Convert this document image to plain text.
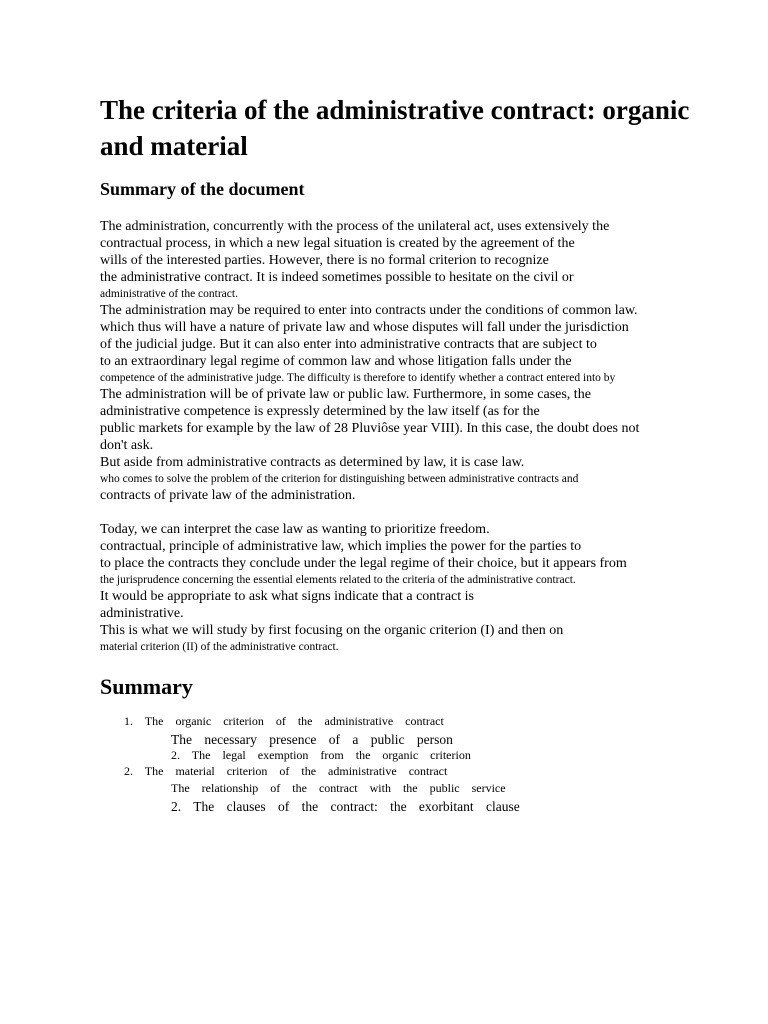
The criteria of the administrative contract: organic and material
Summary of the document
The administration, concurrently with the process of the unilateral act, uses extensively the
contractual process, in which a new legal situation is created by the agreement of the
wills of the interested parties. However, there is no formal criterion to recognize
the administrative contract. It is indeed sometimes possible to hesitate on the civil or
administrative of the contract.
The administration may be required to enter into contracts under the conditions of common law.
which thus will have a nature of private law and whose disputes will fall under the jurisdiction
of the judicial judge. But it can also enter into administrative contracts that are subject to
to an extraordinary legal regime of common law and whose litigation falls under the
competence of the administrative judge. The difficulty is therefore to identify whether a contract entered into by
The administration will be of private law or public law. Furthermore, in some cases, the
administrative competence is expressly determined by the law itself (as for the
public markets for example by the law of 28 Pluviôse year VIII). In this case, the doubt does not
don't ask.
But aside from administrative contracts as determined by law, it is case law.
who comes to solve the problem of the criterion for distinguishing between administrative contracts and
contracts of private law of the administration.
Today, we can interpret the case law as wanting to prioritize freedom.
contractual, principle of administrative law, which implies the power for the parties to
to place the contracts they conclude under the legal regime of their choice, but it appears from
the jurisprudence concerning the essential elements related to the criteria of the administrative contract.
It would be appropriate to ask what signs indicate that a contract is
administrative.
This is what we will study by first focusing on the organic criterion (I) and then on
material criterion (II) of the administrative contract.
Summary
1. The organic criterion of the administrative contract
The necessary presence of a public person
2. The legal exemption from the organic criterion
2. The material criterion of the administrative contract
The relationship of the contract with the public service
2. The clauses of the contract: the exorbitant clause
